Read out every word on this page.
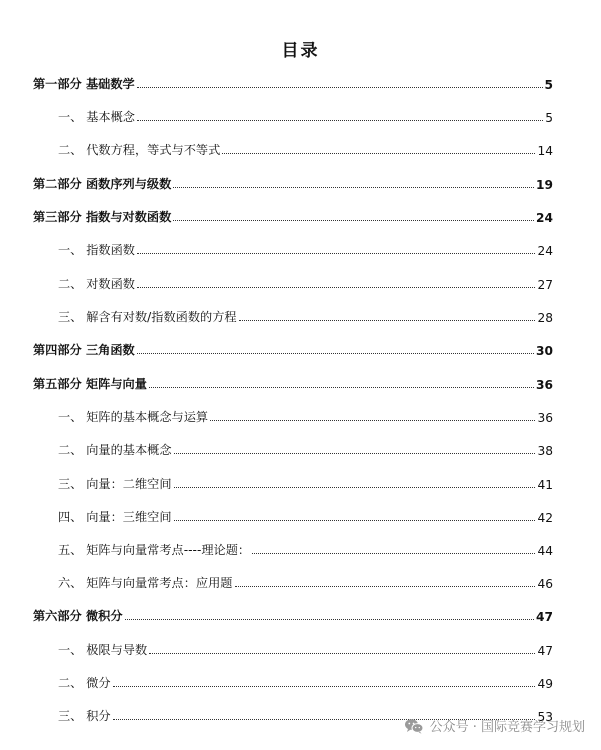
目录
第一部分 基础数学	5
一、 基本概念	5
二、 代数方程，等式与不等式	14
第二部分 函数序列与级数	19
第三部分 指数与对数函数	24
一、 指数函数	24
二、 对数函数	27
三、 解含有对数/指数函数的方程	28
第四部分 三角函数	30
第五部分 矩阵与向量	36
一、 矩阵的基本概念与运算	36
二、 向量的基本概念	38
三、 向量：二维空间	41
四、 向量：三维空间	42
五、 矩阵与向量常考点----理论题：	44
六、 矩阵与向量常考点：应用题	46
第六部分 微积分	47
一、 极限与导数	47
二、 微分	49
三、 积分	53
公众号 · 国际竞赛学习规划
